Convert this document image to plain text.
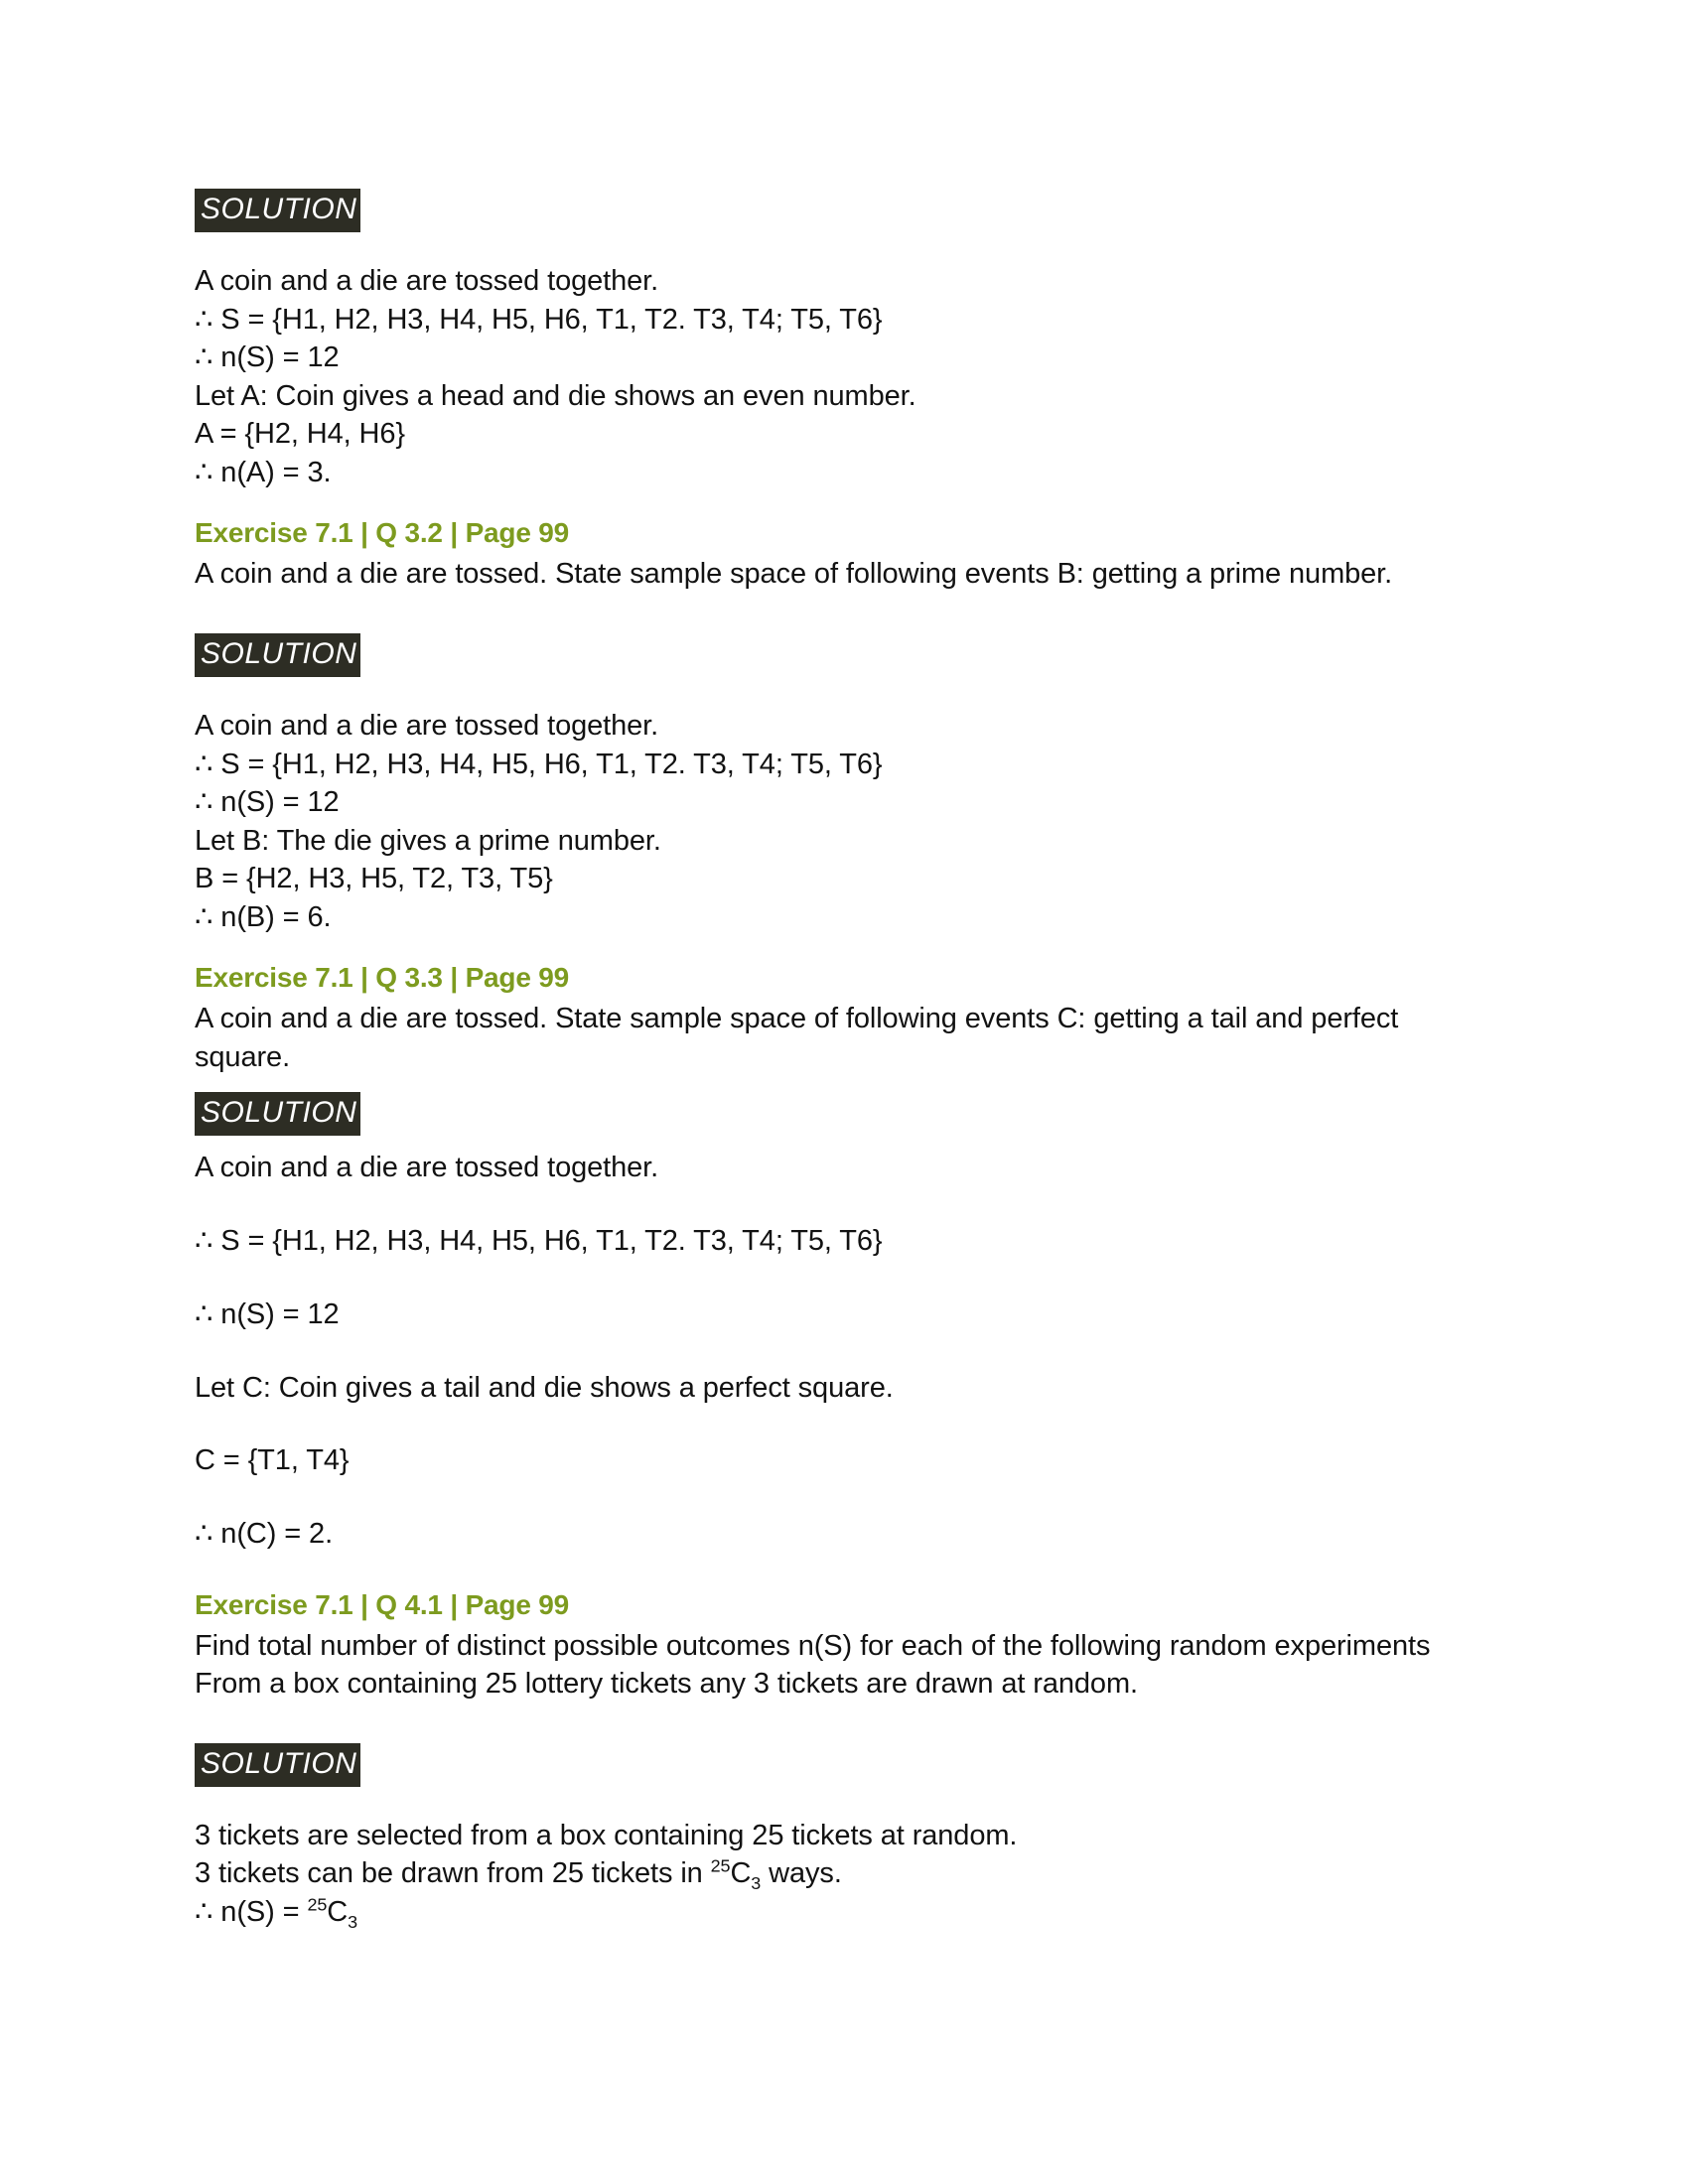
SOLUTION

A coin and a die are tossed together.

∴ S = {H1, H2, H3, H4, H5, H6, T1, T2. T3, T4; T5, T6}

∴ n(S) = 12

Let A: Coin gives a head and die shows an even number.

A = {H2, H4, H6}

∴ n(A) = 3.

Exercise 7.1 | Q 3.2 | Page 99

A coin and a die are tossed. State sample space of following events B: getting a prime number.

SOLUTION

A coin and a die are tossed together.

∴ S = {H1, H2, H3, H4, H5, H6, T1, T2. T3, T4; T5, T6}

∴ n(S) = 12

Let B: The die gives a prime number.

B = {H2, H3, H5, T2, T3, T5}

∴ n(B) = 6.

Exercise 7.1 | Q 3.3 | Page 99

A coin and a die are tossed. State sample space of following events C: getting a tail and perfect square.

SOLUTION

A coin and a die are tossed together.

∴ S = {H1, H2, H3, H4, H5, H6, T1, T2. T3, T4; T5, T6}

∴ n(S) = 12

Let C: Coin gives a tail and die shows a perfect square.

C = {T1, T4}

∴ n(C) = 2.

Exercise 7.1 | Q 4.1 | Page 99

Find total number of distinct possible outcomes n(S) for each of the following random experiments From a box containing 25 lottery tickets any 3 tickets are drawn at random.

SOLUTION

3 tickets are selected from a box containing 25 tickets at random.

3 tickets can be drawn from 25 tickets in $^{25}C_3$ ways.

∴ $n(S) = ^{25}C_3$
